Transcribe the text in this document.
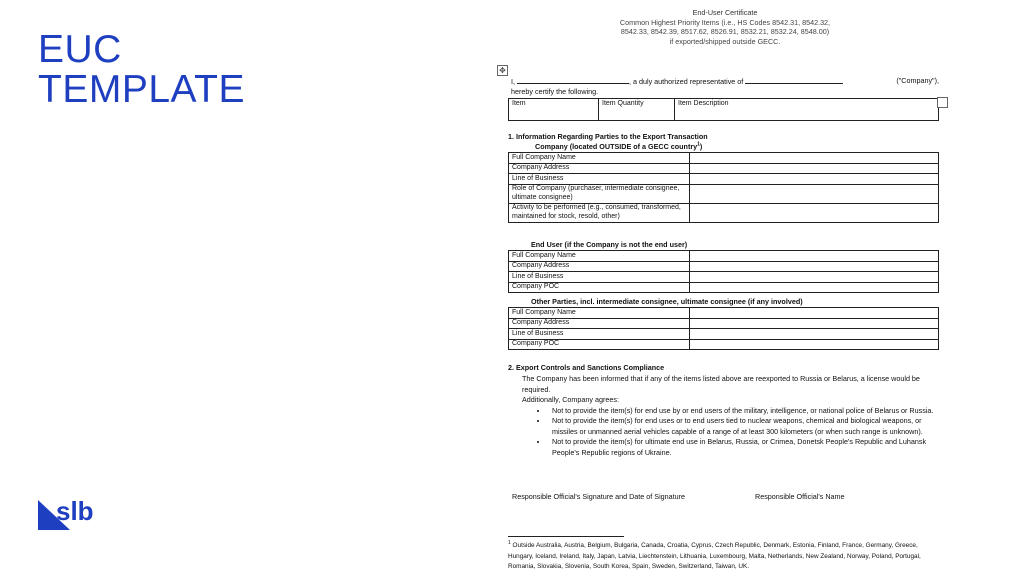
EUC
TEMPLATE
slb
End-User Certificate
Common Highest Priority Items (i.e., HS Codes 8542.31, 8542.32,
8542.33, 8542.39, 8517.62, 8526.91, 8532.21, 8532.24, 8548.00)
if exported/shipped outside GECC.
✥
I,	, a duly authorized representative of	("Company"),
hereby certify the following.
Item	Item Quantity	Item Description
1. Information Regarding Parties to the Export Transaction
Company (located OUTSIDE of a GECC country$^1$)
Full Company Name	
Company Address	
Line of Business	
Role of Company (purchaser, intermediate consignee, ultimate consignee)	
Activity to be performed (e.g., consumed, transformed, maintained for stock, resold, other)	
End User (if the Company is not the end user)
Full Company Name	
Company Address	
Line of Business	
Company POC	
Other Parties, incl. intermediate consignee, ultimate consignee (if any involved)
Full Company Name	
Company Address	
Line of Business	
Company POC	
2. Export Controls and Sanctions Compliance
The Company has been informed that if any of the items listed above are reexported to Russia or Belarus, a license would be required.
Additionally, Company agrees:
• Not to provide the item(s) for end use by or end users of the military, intelligence, or national police of Belarus or Russia.
• Not to provide the item(s) for end uses or to end users tied to nuclear weapons, chemical and biological weapons, or missiles or unmanned aerial vehicles capable of a range of at least 300 kilometers (or when such range is unknown).
• Not to provide the item(s) for ultimate end use in Belarus, Russia, or Crimea, Donetsk People's Republic and Luhansk People's Republic regions of Ukraine.
Responsible Official's Signature and Date of Signature	Responsible Official's Name
$^1$ Outside Australia, Austria, Belgium, Bulgaria, Canada, Croatia, Cyprus, Czech Republic, Denmark, Estonia, Finland, France, Germany, Greece, Hungary, Iceland, Ireland, Italy, Japan, Latvia, Liechtenstein, Lithuania, Luxembourg, Malta, Netherlands, New Zealand, Norway, Poland, Portugal, Romania, Slovakia, Slovenia, South Korea, Spain, Sweden, Switzerland, Taiwan, UK.
